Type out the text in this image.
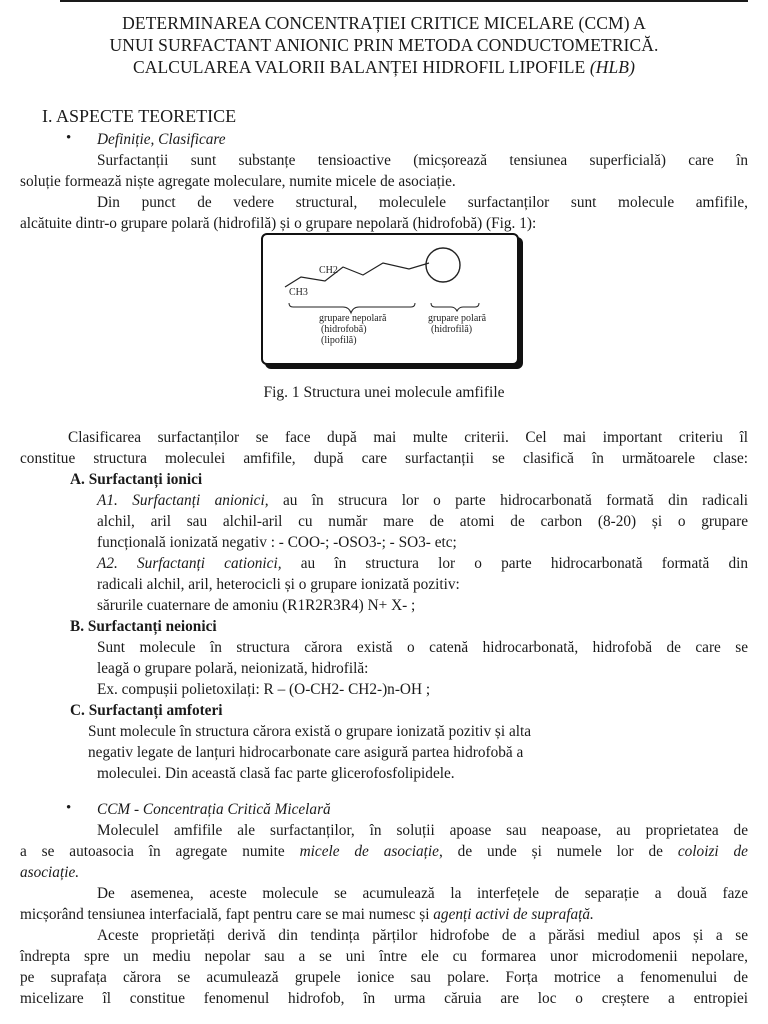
DETERMINAREA CONCENTRAȚIEI CRITICE MICELARE (CCM) A
UNUI SURFACTANT ANIONIC PRIN METODA CONDUCTOMETRICĂ.
CALCULAREA VALORII BALANȚEI HIDROFIL LIPOFILE (HLB)
I. ASPECTE TEORETICE
• Definiție, Clasificare
Surfactanții sunt substanțe tensioactive (micșorează tensiunea superficială) care în
soluție formează niște agregate moleculare, numite micele de asociație.
Din punct de vedere structural, moleculele surfactanților sunt molecule amfifile,
alcătuite dintr-o grupare polară (hidrofilă) și o grupare nepolară (hidrofobă) (Fig. 1):
CH2
CH3
grupare nepolară
(hidrofobă)
(lipofilă)
grupare polară
(hidrofilă)
Fig. 1 Structura unei molecule amfifile
Clasificarea surfactanților se face după mai multe criterii. Cel mai important criteriu îl
constitue structura moleculei amfifile, după care surfactanții se clasifică în următoarele clase:
A. Surfactanți ionici
A1. Surfactanți anionici, au în strucura lor o parte hidrocarbonată formată din radicali
alchil, aril sau alchil-aril cu număr mare de atomi de carbon (8-20) și o grupare
funcțională ionizată negativ : - COO-; -OSO3-; - SO3- etc;
A2. Surfactanți cationici, au în structura lor o parte hidrocarbonată formată din
radicali alchil, aril, heterocicli și o grupare ionizată pozitiv:
sărurile cuaternare de amoniu (R1R2R3R4) N+ X- ;
B. Surfactanți neionici
Sunt molecule în structura cărora există o catenă hidrocarbonată, hidrofobă de care se
leagă o grupare polară, neionizată, hidrofilă:
Ex. compușii polietoxilați: R – (O-CH2- CH2-)n-OH ;
C. Surfactanți amfoteri
Sunt molecule în structura cărora există o grupare ionizată pozitiv și alta
negativ legate de lanțuri hidrocarbonate care asigură partea hidrofobă a
moleculei. Din această clasă fac parte glicerofosfolipidele.
• CCM - Concentrația Critică Micelară
Moleculel amfifile ale surfactanților, în soluții apoase sau neapoase, au proprietatea de
a se autoasocia în agregate numite micele de asociație, de unde și numele lor de coloizi de
asociație.
De asemenea, aceste molecule se acumulează la interfețele de separație a două faze
micșorând tensiunea interfacială, fapt pentru care se mai numesc și agenți activi de suprafață.
Aceste proprietăți derivă din tendința părților hidrofobe de a părăsi mediul apos și a se
îndrepta spre un mediu nepolar sau a se uni între ele cu formarea unor microdomenii nepolare,
pe suprafața cărora se acumulează grupele ionice sau polare. Forța motrice a fenomenului de
micelizare îl constitue fenomenul hidrofob, în urma căruia are loc o creștere a entropiei
